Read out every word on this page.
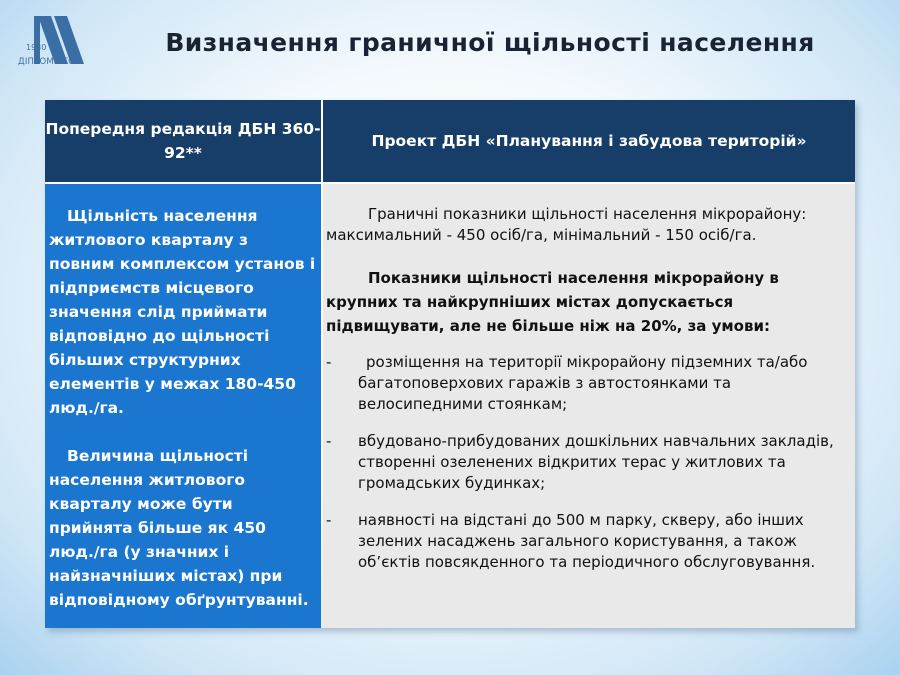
1930
ДІПРОМІСТО
Визначення граничної щільності населення
Попередня редакція ДБН 360-92**
Проект ДБН «Планування і забудова територій»

Щільність населення житлового кварталу з повним комплексом установ і підприємств місцевого значення слід приймати відповідно до щільності більших структурних елементів у межах 180-450 люд./га.

Величина щільності населення житлового кварталу може бути прийнята більше як 450 люд./га (у значних і найзначніших містах) при відповідному обґрунтуванні.

Граничні показники щільності населення мікрорайону: максимальний - 450 осіб/га, мінімальний - 150 осіб/га.

Показники щільності населення мікрорайону в крупних та найкрупніших містах допускається підвищувати, але не більше ніж на 20%, за умови:

-	розміщення на території мікрорайону підземних та/або багатоповерхових гаражів з автостоянками та велосипедними стоянкам;
- вбудовано-прибудованих дошкільних навчальних закладів, створенні озеленених відкритих терас у житлових та громадських будинках;
- наявності на відстані до 500 м парку, скверу, або інших зелених насаджень загального користування, а також об’єктів повсякденного та періодичного обслуговування.
